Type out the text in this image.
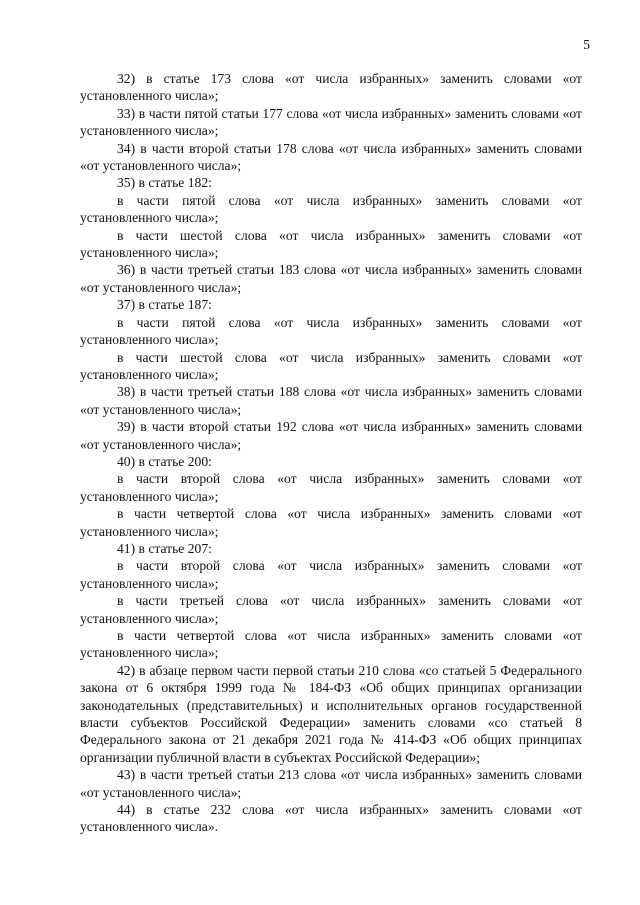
5

32) в статье 173 слова «от числа избранных» заменить словами «от установленного числа»;

33) в части пятой статьи 177 слова «от числа избранных» заменить словами «от установленного числа»;

34) в части второй статьи 178 слова «от числа избранных» заменить словами «от установленного числа»;

35) в статье 182:

в части пятой слова «от числа избранных» заменить словами «от установленного числа»;

в части шестой слова «от числа избранных» заменить словами «от установленного числа»;

36) в части третьей статьи 183 слова «от числа избранных» заменить словами «от установленного числа»;

37) в статье 187:

в части пятой слова «от числа избранных» заменить словами «от установленного числа»;

в части шестой слова «от числа избранных» заменить словами «от установленного числа»;

38) в части третьей статьи 188 слова «от числа избранных» заменить словами «от установленного числа»;

39) в части второй статьи 192 слова «от числа избранных» заменить словами «от установленного числа»;

40) в статье 200:

в части второй слова «от числа избранных» заменить словами «от установленного числа»;

в части четвертой слова «от числа избранных» заменить словами «от установленного числа»;

41) в статье 207:

в части второй слова «от числа избранных» заменить словами «от установленного числа»;

в части третьей слова «от числа избранных» заменить словами «от установленного числа»;

в части четвертой слова «от числа избранных» заменить словами «от установленного числа»;

42) в абзаце первом части первой статьи 210 слова «со статьей 5 Федерального закона от 6 октября 1999 года № 184-ФЗ «Об общих принципах организации законодательных (представительных) и исполнительных органов государственной власти субъектов Российской Федерации» заменить словами «со статьей 8 Федерального закона от 21 декабря 2021 года № 414-ФЗ «Об общих принципах организации публичной власти в субъектах Российской Федерации»;

43) в части третьей статьи 213 слова «от числа избранных» заменить словами «от установленного числа»;

44) в статье 232 слова «от числа избранных» заменить словами «от установленного числа».
